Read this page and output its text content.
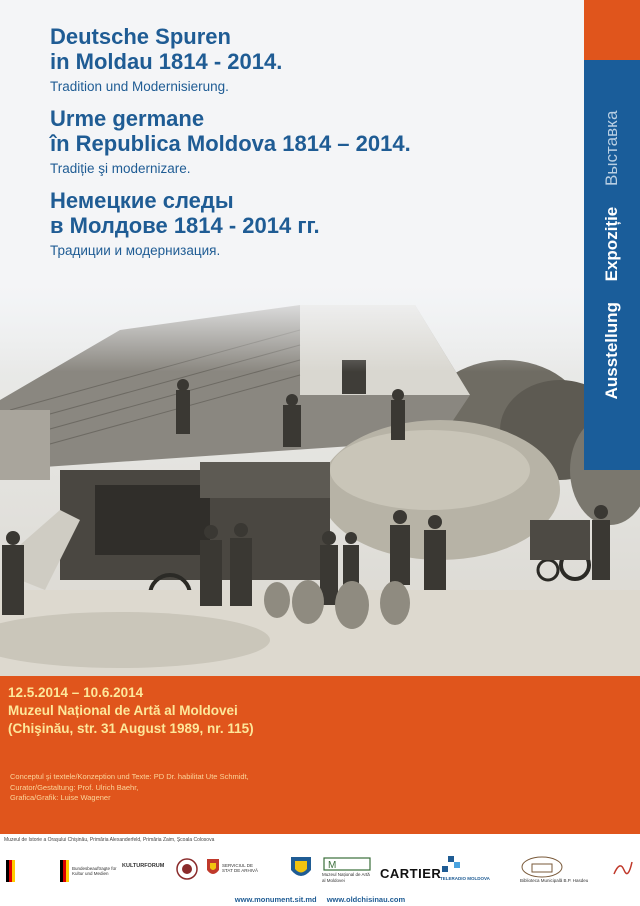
Deutsche Spuren

in Moldau 1814 - 2014.

Tradition und Modernisierung.

Urme germane

în Republica Moldova 1814 – 2014.

Tradiție şi modernizare.

Немецкие следы

в Молдове 1814 - 2014 гг.

Традиции и модернизация.

Ausstellung Expoziție Выставка
12.5.2014 – 10.6.2014
Muzeul Național de Artă al Moldovei
(Chişinău, str. 31 August 1989, nr. 115)
Conceptul şi textele/Konzeption und Texte: PD Dr. habilitat Ute Schmidt,
Curator/Gestaltung: Prof. Ulrich Baehr,
Grafica/Grafik: Luise Wagener
Muzeul de Istorie a Oraşului Chişinău, Primăria Alexanderfeld, Primăria Zaim, Şcoala Colosova
Bundesbeauftragte für Kultur und Medien
KULTURFORUM	SERVICIUL DE STAT DE ARHIVĂ	M
Muzeul Național de Artă al Moldovei	TELERADIO MOLDOVA	Biblioteca Municipală B.P. Hasdeu
CARTIER
www.monument.sit.md www.oldchisinau.com
